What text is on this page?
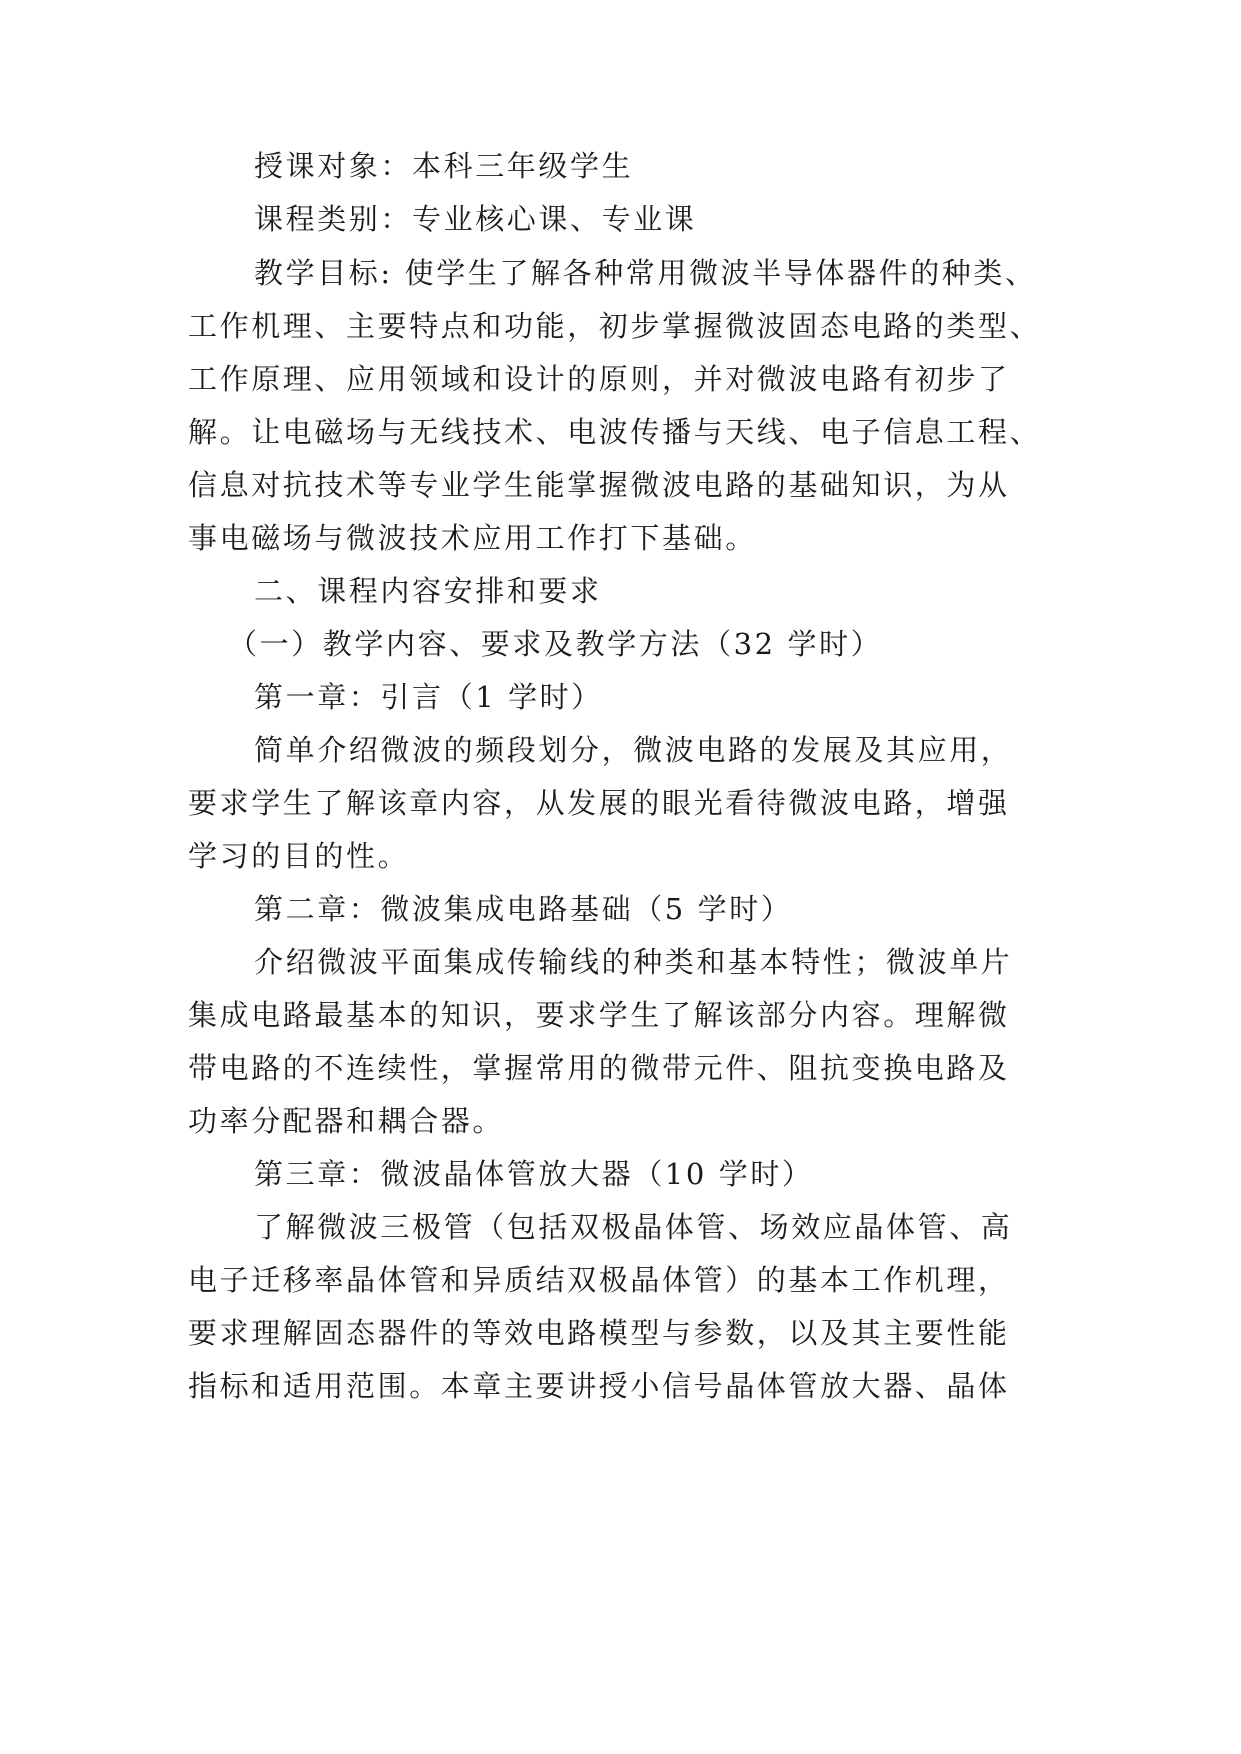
授课对象：本科三年级学生
课程类别：专业核心课、专业课
教学目标: 使学生了解各种常用微波半导体器件的种类、
工作机理、主要特点和功能，初步掌握微波固态电路的类型、
工作原理、应用领域和设计的原则，并对微波电路有初步了
解。让电磁场与无线技术、电波传播与天线、电子信息工程、
信息对抗技术等专业学生能掌握微波电路的基础知识，为从
事电磁场与微波技术应用工作打下基础。
二、课程内容安排和要求
（一）教学内容、要求及教学方法（32 学时）
第一章：引言（1 学时）
简单介绍微波的频段划分，微波电路的发展及其应用，
要求学生了解该章内容，从发展的眼光看待微波电路，增强
学习的目的性。
第二章：微波集成电路基础（5 学时）
介绍微波平面集成传输线的种类和基本特性；微波单片
集成电路最基本的知识，要求学生了解该部分内容。理解微
带电路的不连续性，掌握常用的微带元件、阻抗变换电路及
功率分配器和耦合器。
第三章：微波晶体管放大器（10 学时）
了解微波三极管（包括双极晶体管、场效应晶体管、高
电子迁移率晶体管和异质结双极晶体管）的基本工作机理，
要求理解固态器件的等效电路模型与参数，以及其主要性能
指标和适用范围。本章主要讲授小信号晶体管放大器、晶体
